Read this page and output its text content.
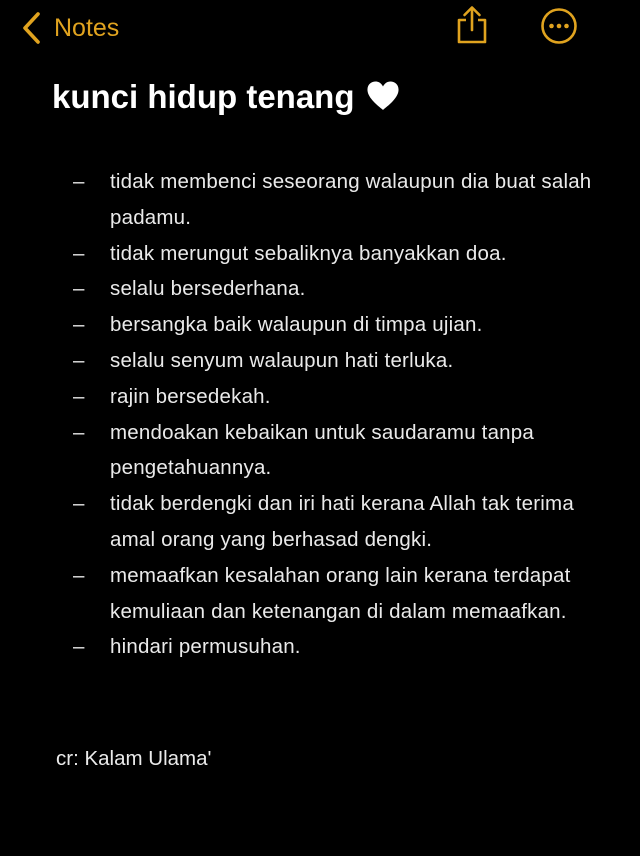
Notes
kunci hidup tenang
– tidak membenci seseorang walaupun dia buat salah padamu.
– tidak merungut sebaliknya banyakkan doa.
– selalu bersederhana.
– bersangka baik walaupun di timpa ujian.
– selalu senyum walaupun hati terluka.
– rajin bersedekah.
– mendoakan kebaikan untuk saudaramu tanpa pengetahuannya.
– tidak berdengki dan iri hati kerana Allah tak terima amal orang yang berhasad dengki.
– memaafkan kesalahan orang lain kerana terdapat kemuliaan dan ketenangan di dalam memaafkan.
– hindari permusuhan.

cr: Kalam Ulama'
